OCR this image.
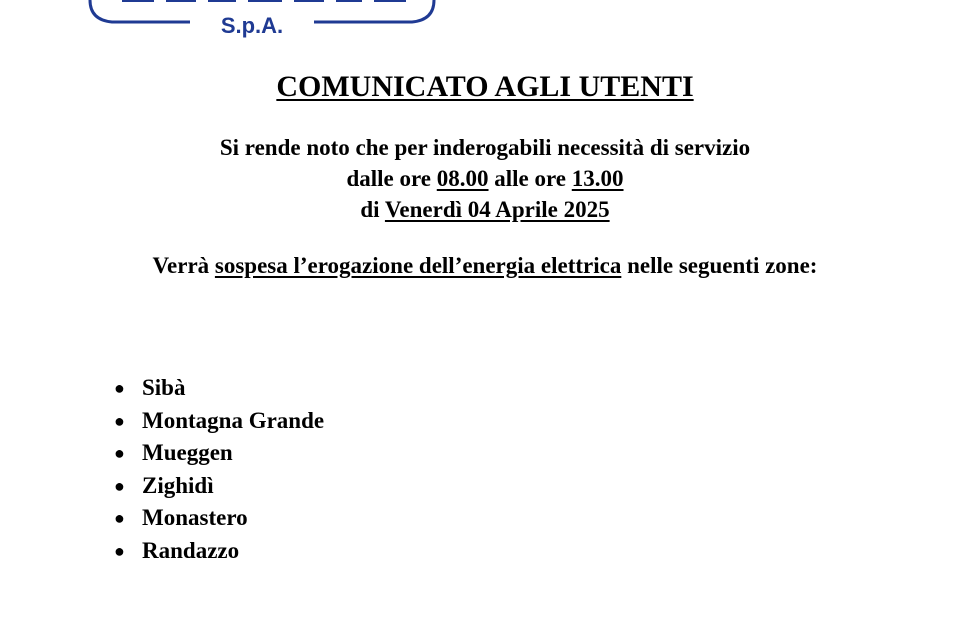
S.p.A.
COMUNICATO AGLI UTENTI
Si rende noto che per inderogabili necessità di servizio
dalle ore 08.00 alle ore 13.00
di Venerdì 04 Aprile 2025
Verrà sospesa l’erogazione dell’energia elettrica nelle seguenti zone:
● Sibà
● Montagna Grande
● Mueggen
● Zighidì
● Monastero
● Randazzo
